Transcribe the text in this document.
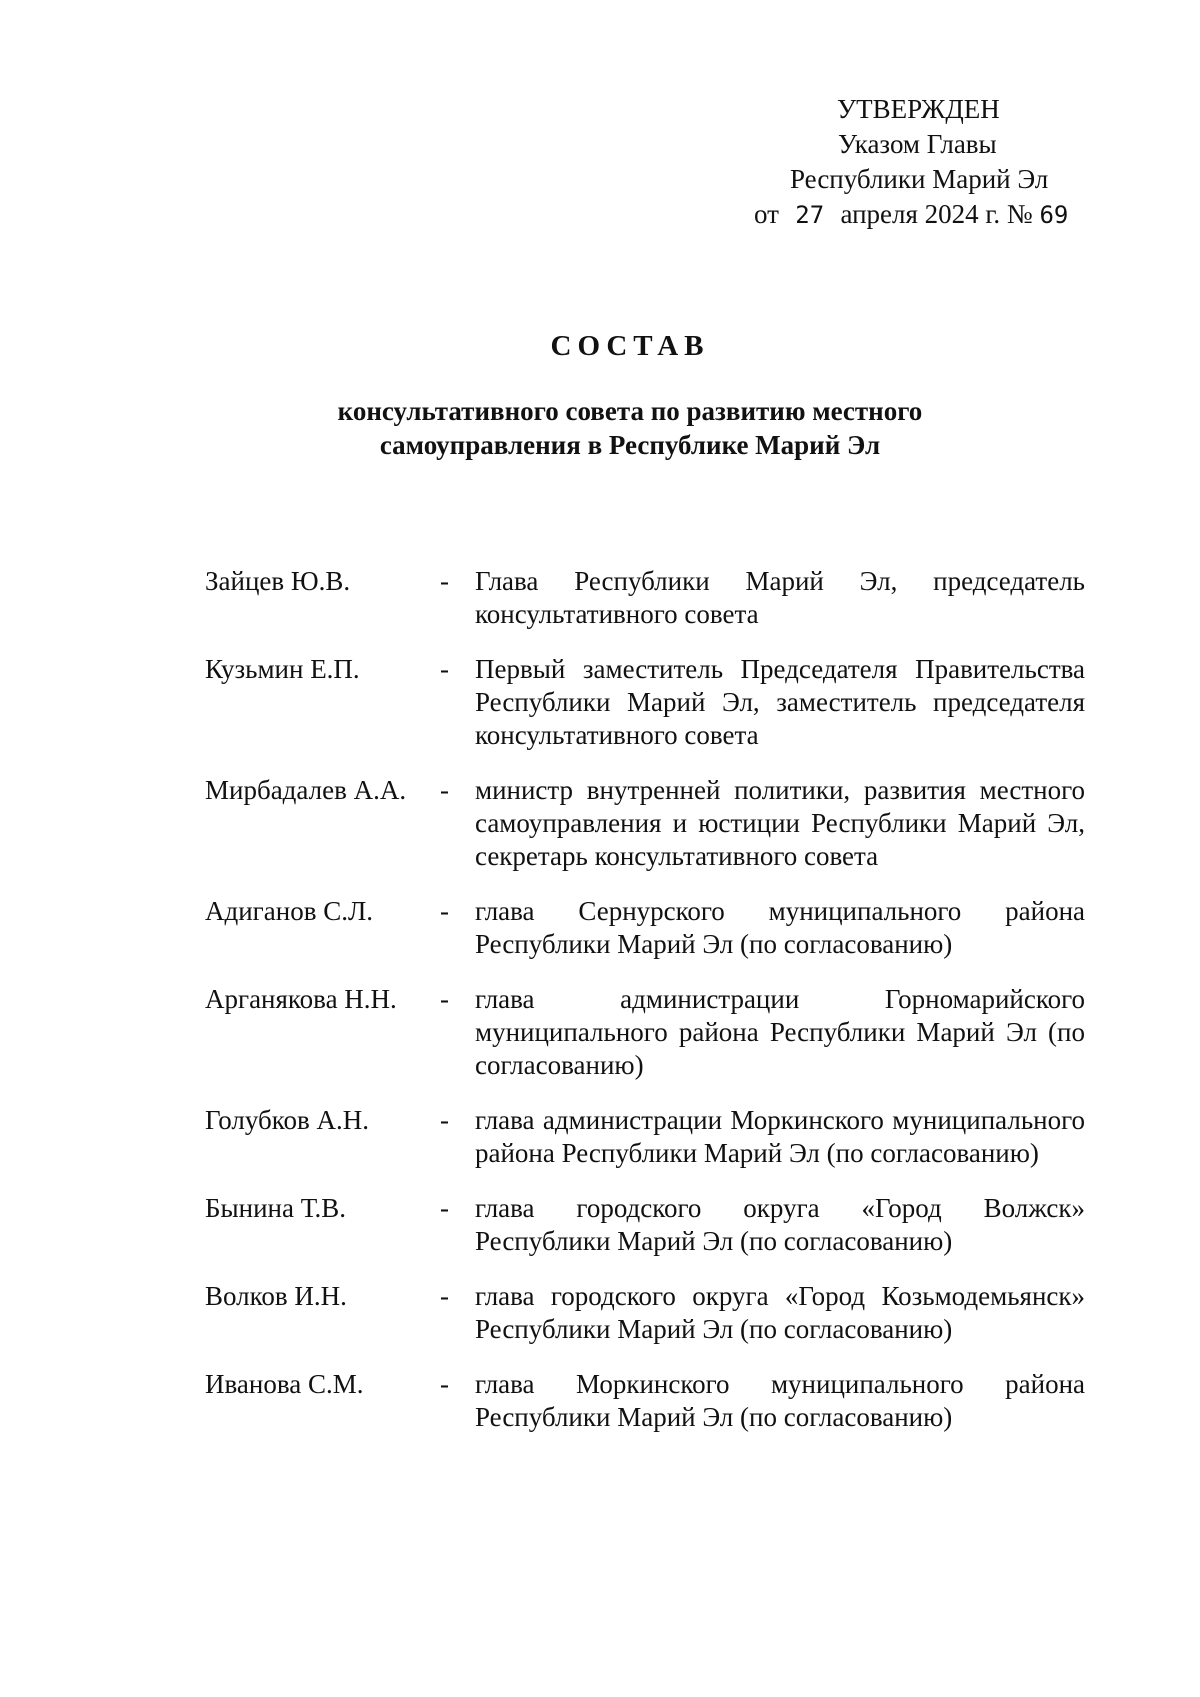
УТВЕРЖДЕН
Указом Главы
Республики Марий Эл
от 27 апреля 2024 г. № 69
СОСТАВ
консультативного совета по развитию местного
самоуправления в Республике Марий Эл
Зайцев Ю.В.	- Глава Республики Марий Эл, председатель консультативного совета
Кузьмин Е.П.	- Первый заместитель Председателя Правительства Республики Марий Эл, заместитель председателя консультативного совета
Мирбадалев А.А.	- министр внутренней политики, развития местного самоуправления и юстиции Республики Марий Эл, секретарь консультативного совета
Адиганов С.Л.	- глава Сернурского муниципального района Республики Марий Эл (по согласованию)
Арганякова Н.Н.	- глава администрации Горномарийского муниципального района Республики Марий Эл (по согласованию)
Голубков А.Н.	- глава администрации Моркинского муниципального района Республики Марий Эл (по согласованию)
Бынина Т.В.	- глава городского округа «Город Волжск» Республики Марий Эл (по согласованию)
Волков И.Н.	- глава городского округа «Город Козьмодемьянск» Республики Марий Эл (по согласованию)
Иванова С.М.	- глава Моркинского муниципального района Республики Марий Эл (по согласованию)
